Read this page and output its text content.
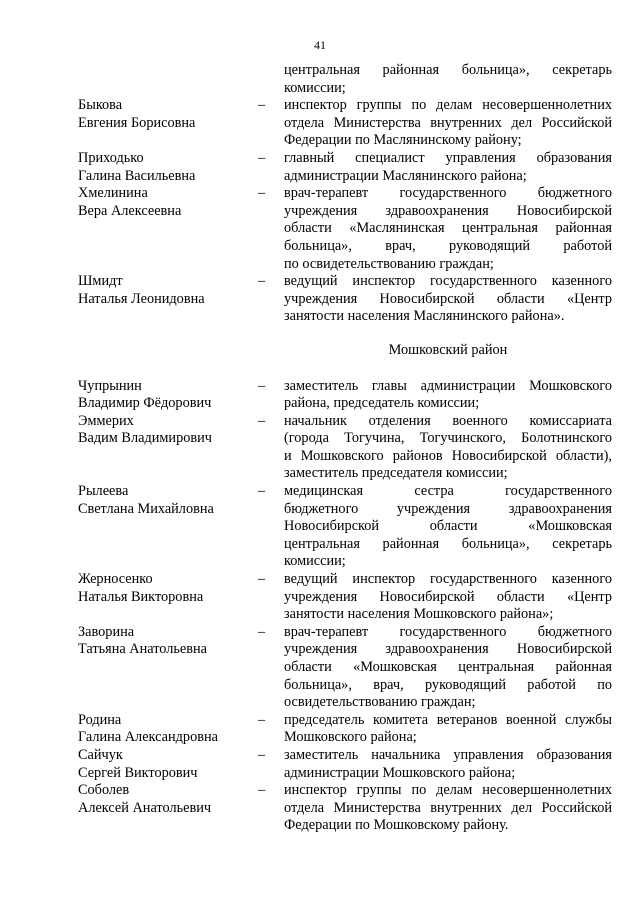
41
центральная районная больница», секретарь
комиссии;
Быкова
Евгения Борисовна
–	инспектор группы по делам несовершеннолетних
отдела Министерства внутренних дел Российской
Федерации по Маслянинскому району;
Приходько
Галина Васильевна
–	главный специалист управления образования
администрации Маслянинского района;
Хмелинина
Вера Алексеевна
–	врач-терапевт государственного бюджетного
учреждения здравоохранения Новосибирской
области «Маслянинская центральная районная
больница», врач, руководящий работой
по освидетельствованию граждан;
Шмидт
Наталья Леонидовна
–	ведущий инспектор государственного казенного
учреждения Новосибирской области «Центр
занятости населения Маслянинского района».
Мошковский район
Чупрынин
Владимир Фёдорович
–	заместитель главы администрации Мошковского
района, председатель комиссии;
Эммерих
Вадим Владимирович
–	начальник отделения военного комиссариата
(города Тогучина, Тогучинского, Болотнинского
и Мошковского районов Новосибирской области),
заместитель председателя комиссии;
Рылеева
Светлана Михайловна
–	медицинская сестра государственного
бюджетного учреждения здравоохранения
Новосибирской области «Мошковская
центральная районная больница», секретарь
комиссии;
Жерносенко
Наталья Викторовна
–	ведущий инспектор государственного казенного
учреждения Новосибирской области «Центр
занятости населения Мошковского района»;
Заворина
Татьяна Анатольевна
–	врач-терапевт государственного бюджетного
учреждения здравоохранения Новосибирской
области «Мошковская центральная районная
больница», врач, руководящий работой по
освидетельствованию граждан;
Родина
Галина Александровна
–	председатель комитета ветеранов военной службы
Мошковского района;
Сайчук
Сергей Викторович
–	заместитель начальника управления образования
администрации Мошковского района;
Соболев
Алексей Анатольевич
–	инспектор группы по делам несовершеннолетних
отдела Министерства внутренних дел Российской
Федерации по Мошковскому району.
